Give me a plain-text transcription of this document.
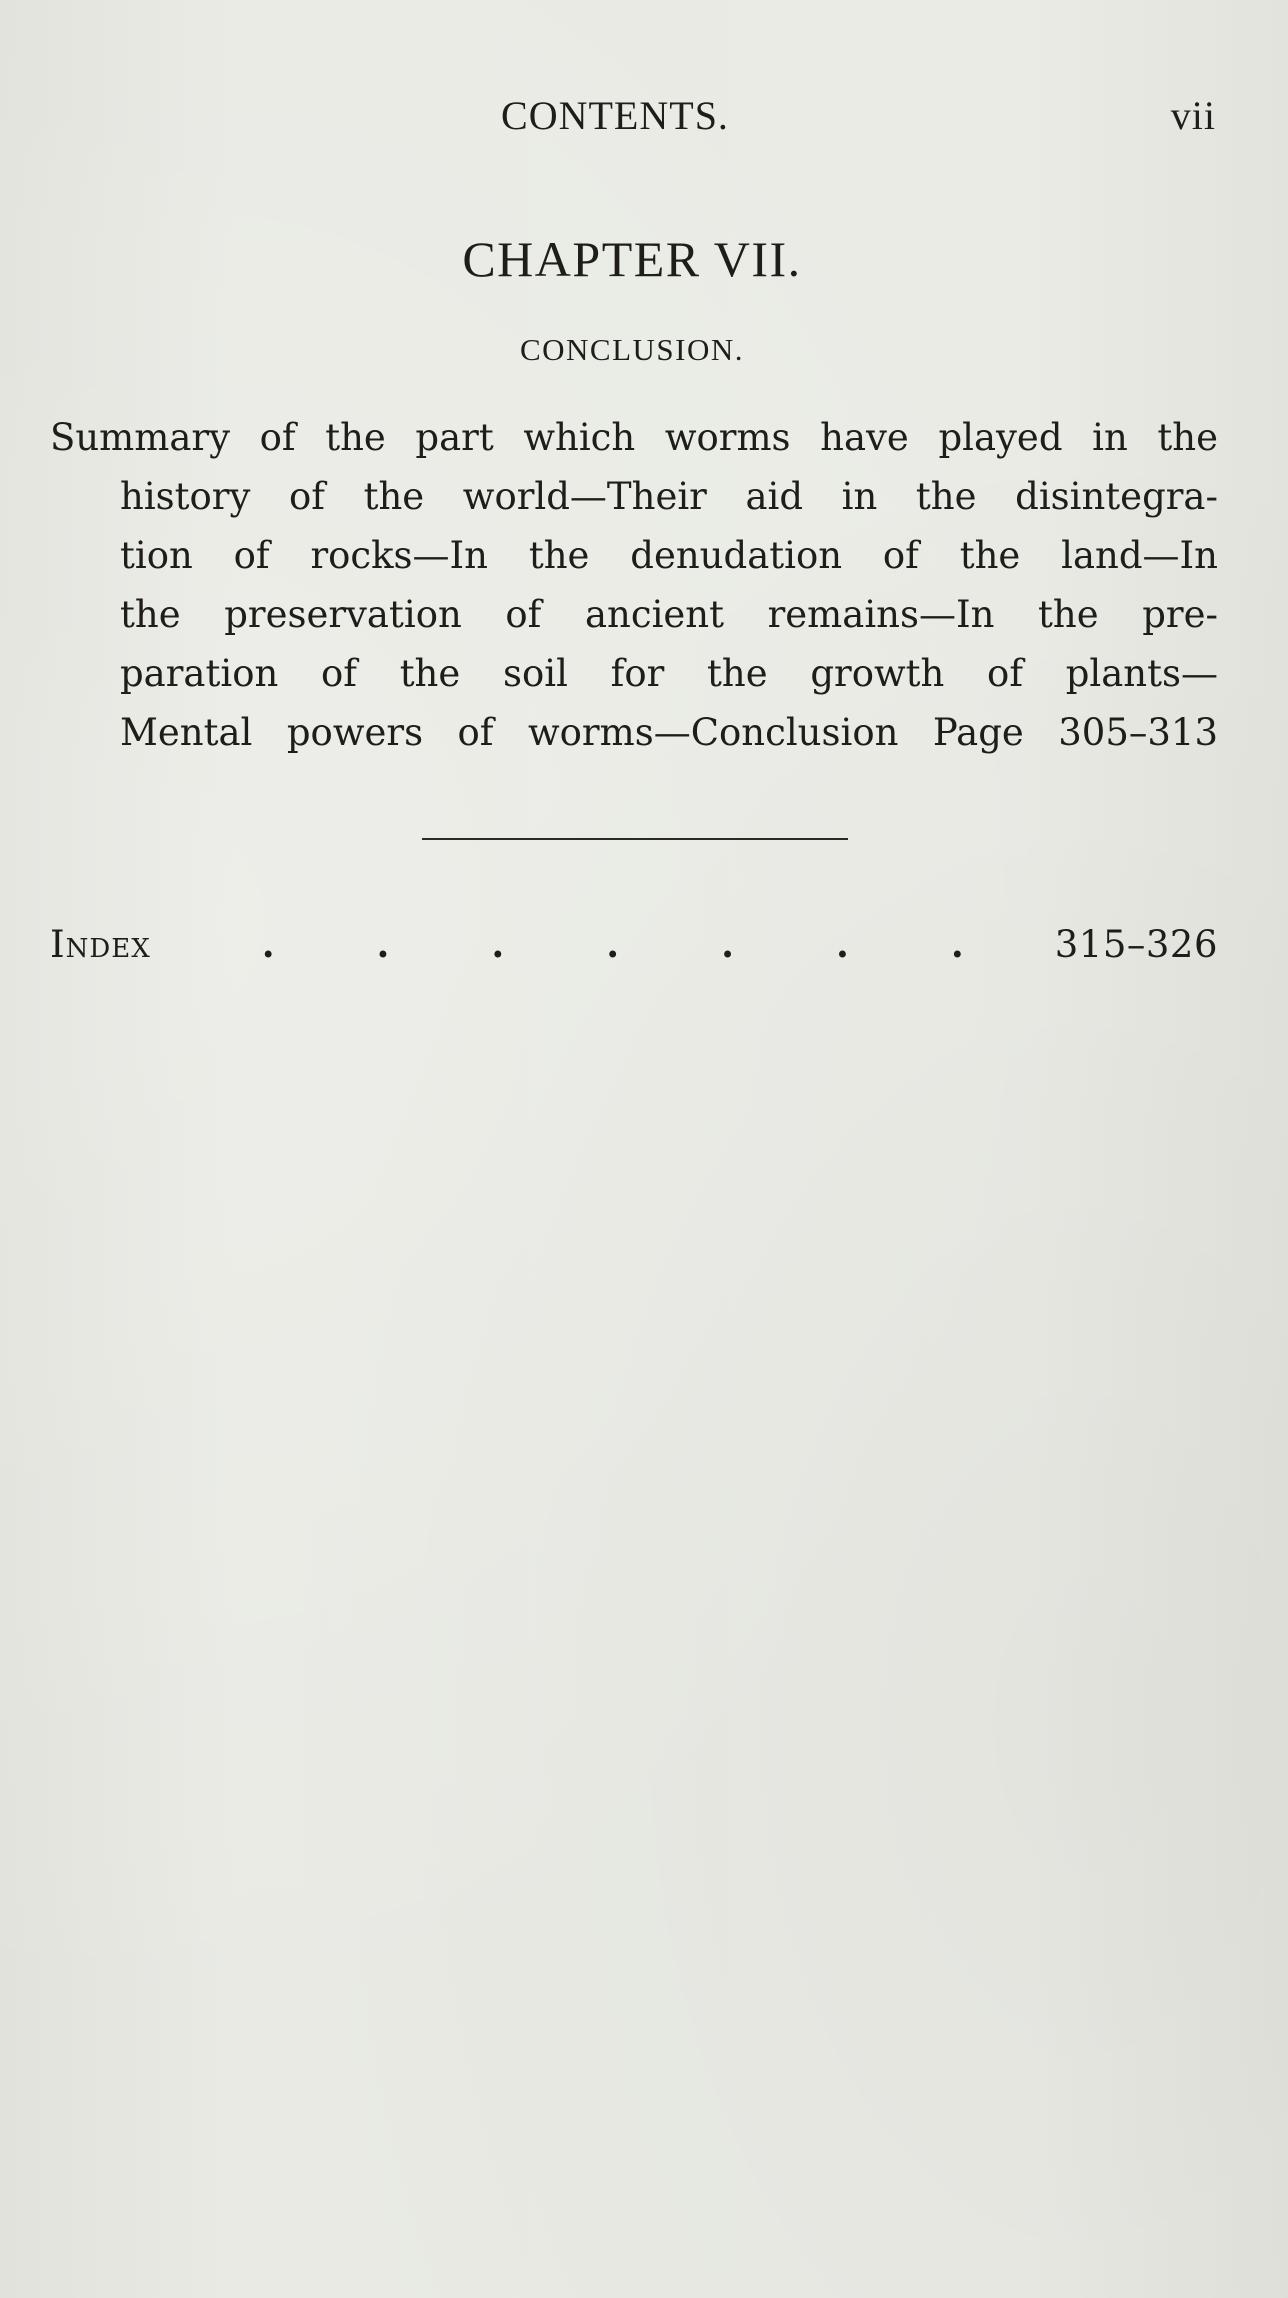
CONTENTS.	vii
CHAPTER VII.
CONCLUSION.
Summary of the part which worms have played in the
history of the world—Their aid in the disintegra-
tion of rocks—In the denudation of the land—In
the preservation of ancient remains—In the pre-
paration of the soil for the growth of plants—
Mental powers of worms—Conclusion Page 305–313
Index	.	.	.	.	.	.	. 315–326
